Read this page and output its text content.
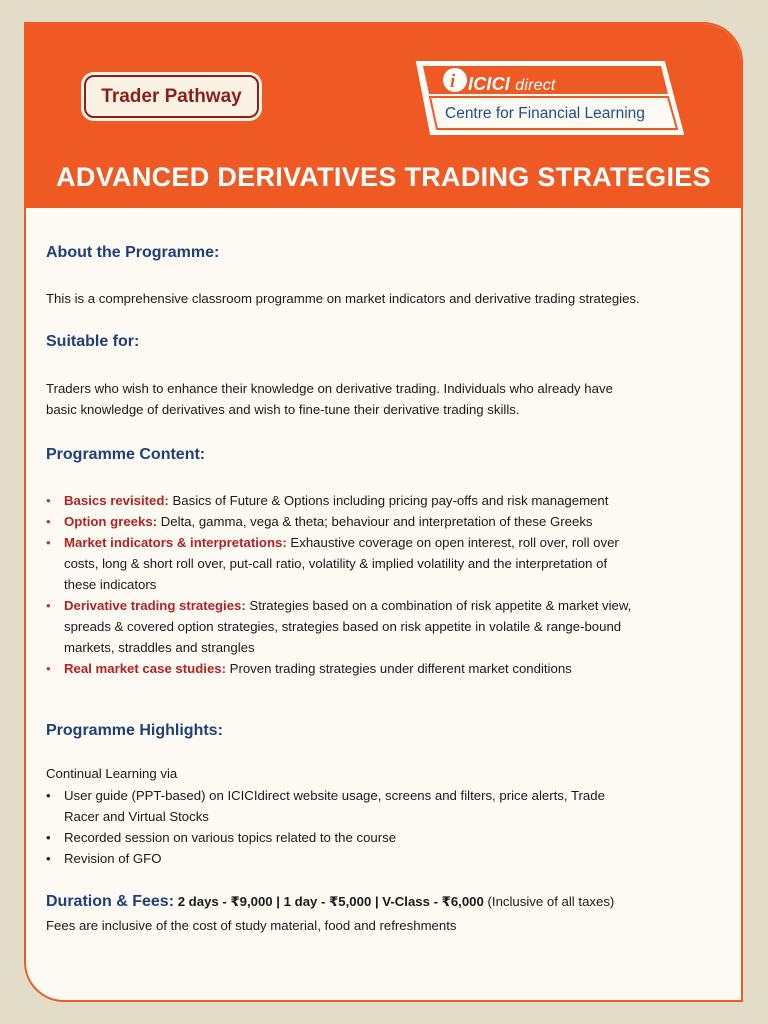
Trader Pathway
i ICICI direct
Centre for Financial Learning
ADVANCED DERIVATIVES TRADING STRATEGIES
About the Programme:
This is a comprehensive classroom programme on market indicators and derivative trading strategies.
Suitable for:
Traders who wish to enhance their knowledge on derivative trading. Individuals who already have
basic knowledge of derivatives and wish to fine-tune their derivative trading skills.
Programme Content:
• Basics revisited: Basics of Future & Options including pricing pay-offs and risk management
• Option greeks: Delta, gamma, vega & theta; behaviour and interpretation of these Greeks
• Market indicators & interpretations: Exhaustive coverage on open interest, roll over, roll over
costs, long & short roll over, put-call ratio, volatility & implied volatility and the interpretation of
these indicators
• Derivative trading strategies: Strategies based on a combination of risk appetite & market view,
spreads & covered option strategies, strategies based on risk appetite in volatile & range-bound
markets, straddles and strangles
• Real market case studies: Proven trading strategies under different market conditions
Programme Highlights:
Continual Learning via
• User guide (PPT-based) on ICICIdirect website usage, screens and filters, price alerts, Trade
Racer and Virtual Stocks
• Recorded session on various topics related to the course
• Revision of GFO
Duration & Fees: 2 days - ₹9,000 | 1 day - ₹5,000 | V-Class - ₹6,000 (Inclusive of all taxes)
Fees are inclusive of the cost of study material, food and refreshments
